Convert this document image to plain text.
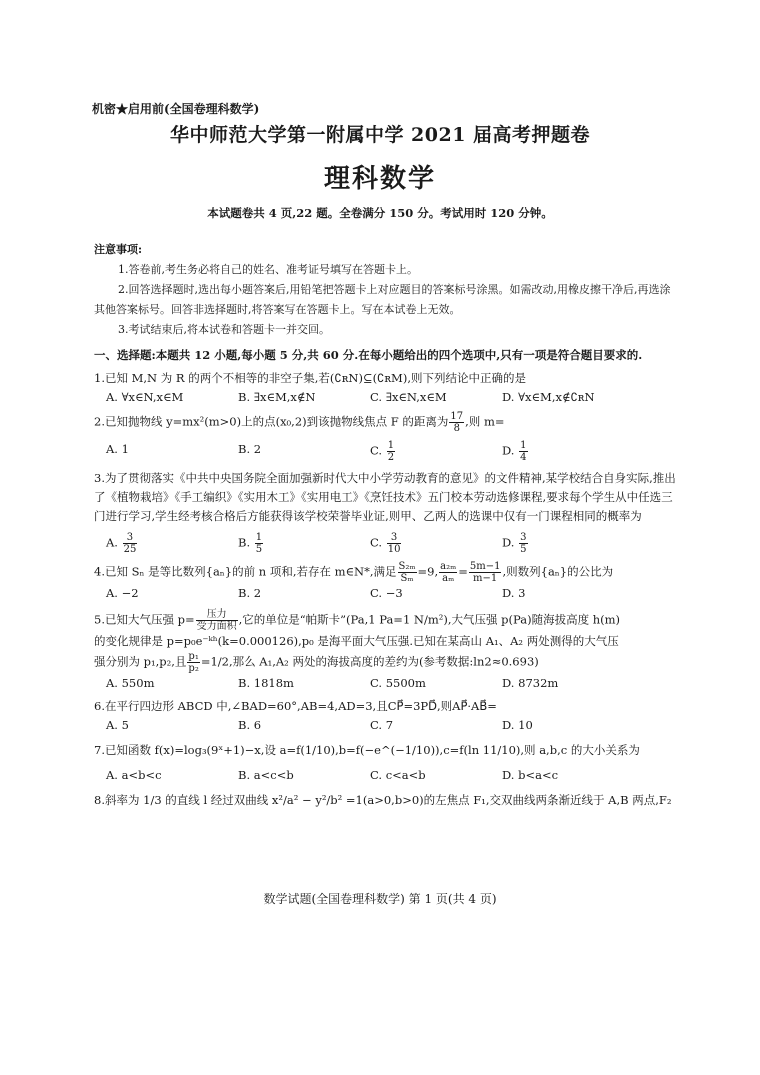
机密★启用前(全国卷理科数学)
华中师范大学第一附属中学 2021 届高考押题卷
理科数学
本试题卷共 4 页,22 题。全卷满分 150 分。考试用时 120 分钟。
注意事项:
1.答卷前,考生务必将自己的姓名、准考证号填写在答题卡上。
2.回答选择题时,选出每小题答案后,用铅笔把答题卡上对应题目的答案标号涂黑。如需改动,用橡皮擦干净后,再选涂其他答案标号。回答非选择题时,将答案写在答题卡上。写在本试卷上无效。
3.考试结束后,将本试卷和答题卡一并交回。
一、选择题:本题共 12 小题,每小题 5 分,共 60 分.在每小题给出的四个选项中,只有一项是符合题目要求的.
1.已知 M,N 为 R 的两个不相等的非空子集,若(∁ʀN)⊆(∁ʀM),则下列结论中正确的是
A. ∀x∈N,x∈M	B. ∃x∈M,x∉N	C. ∃x∈N,x∈M	D. ∀x∈M,x∉∁ʀN
2.已知抛物线 y=mx²(m>0)上的点(x₀,2)到该抛物线焦点 F 的距离为 $\frac{17}{8}$ ,则 m=
A. 1	B. 2	C. $\frac{1}{2}$	D. $\frac{1}{4}$
3.为了贯彻落实《中共中央国务院全面加强新时代大中小学劳动教育的意见》的文件精神,某学校结合自身实际,推出了《植物栽培》《手工编织》《实用木工》《实用电工》《烹饪技术》五门校本劳动选修课程,要求每个学生从中任选三门进行学习,学生经考核合格后方能获得该学校荣誉毕业证,则甲、乙两人的选课中仅有一门课程相同的概率为
A. $\frac{3}{25}$	B. $\frac{1}{5}$	C. $\frac{3}{10}$	D. $\frac{3}{5}$
4.已知 Sₙ 是等比数列{aₙ}的前 n 项和,若存在 m∈N*,满足 $\frac{\text{S₂ₘ}}{\text{Sₘ}} =9$, $\frac{\text{a₂ₘ}}{\text{aₘ}} = \frac{5m-1}{m-1}$ ,则数列{aₙ}的公比为
A. −2	B. 2	C. −3	D. 3
5.已知大气压强 $p= \frac{\text{压力}}{\text{受力面积}}$ ,它的单位是“帕斯卡”(Pa,1 Pa=1 N/m²),大气压强 p(Pa)随海拔高度 h(m)
的变化规律是 p=p₀e⁻ᵏʰ(k=0.000126),p₀ 是海平面大气压强.已知在某高山 A₁、A₂ 两处测得的大气压
强分别为 p₁,p₂,且 $\frac{\text{p₁}}{\text{p₂}} =1/2$,那么 A₁,A₂ 两处的海拔高度的差约为(参考数据:ln2≈0.693)
A. 550m	B. 1818m	C. 5500m	D. 8732m
6.在平行四边形 ABCD 中,∠BAD=60°,AB=4,AD=3,且CP⃗=3PD⃗,则AP⃗·AB⃗=
A. 5	B. 6	C. 7	D. 10
7.已知函数 f(x)=log₃(9ˣ+1)−x,设 a=f(1/10),b=f(−e^(−1/10)),c=f(ln 11/10),则 a,b,c 的大小关系为
A. a<b<c	B. a<c<b	C. c<a<b	D. b<a<c
8.斜率为 1/3 的直线 l 经过双曲线 x²/a² − y²/b² =1(a>0,b>0)的左焦点 F₁,交双曲线两条渐近线于 A,B 两点,F₂
数学试题(全国卷理科数学) 第 1 页(共 4 页)
